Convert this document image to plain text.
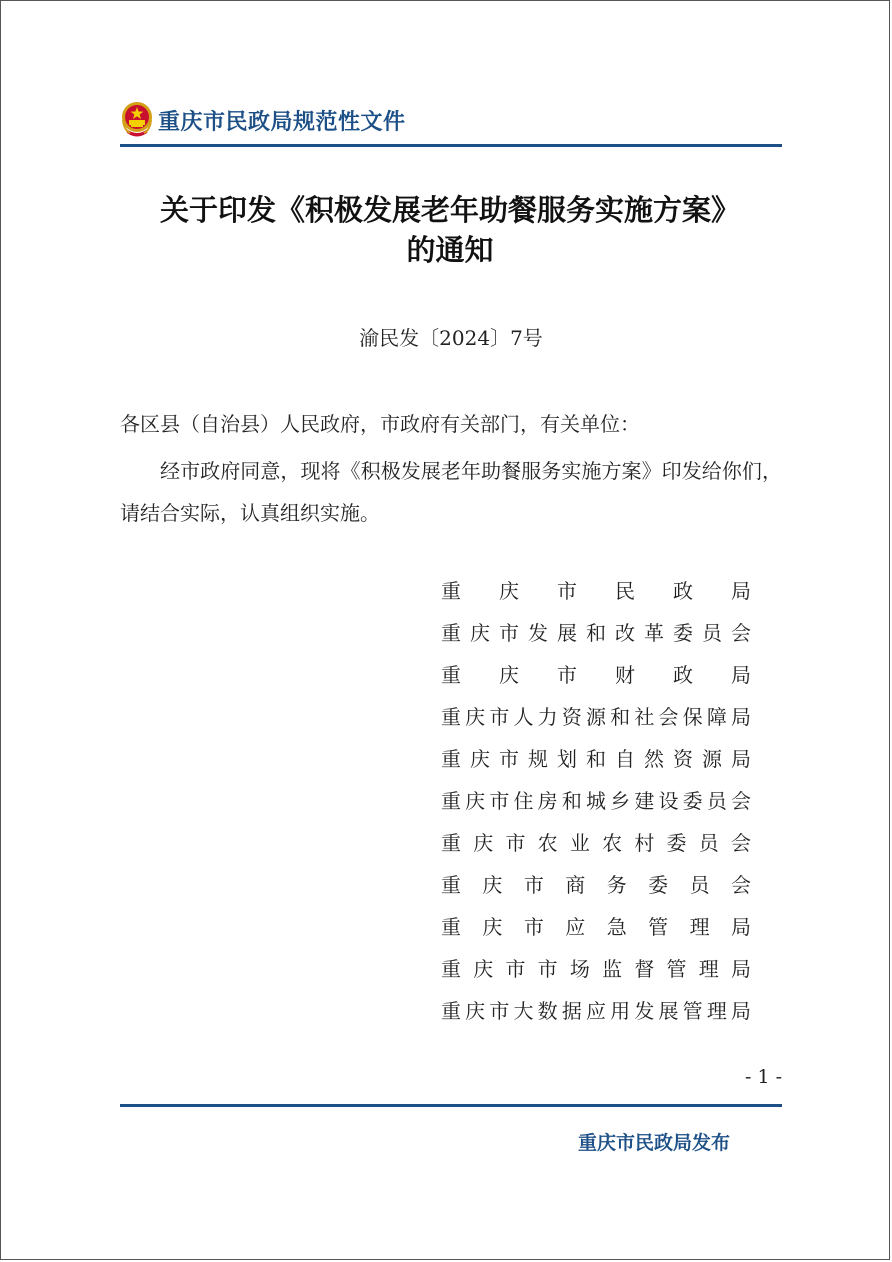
重庆市民政局规范性文件
关于印发《积极发展老年助餐服务实施方案》
的通知
渝民发〔2024〕7号
各区县（自治县）人民政府，市政府有关部门，有关单位：
经市政府同意，现将《积极发展老年助餐服务实施方案》印发给你们，请结合实际，认真组织实施。
重庆市民政局
重庆市发展和改革委员会
重庆市财政局
重庆市人力资源和社会保障局
重庆市规划和自然资源局
重庆市住房和城乡建设委员会
重庆市农业农村委员会
重庆市商务委员会
重庆市应急管理局
重庆市市场监督管理局
重庆市大数据应用发展管理局
- 1 -
重庆市民政局发布
